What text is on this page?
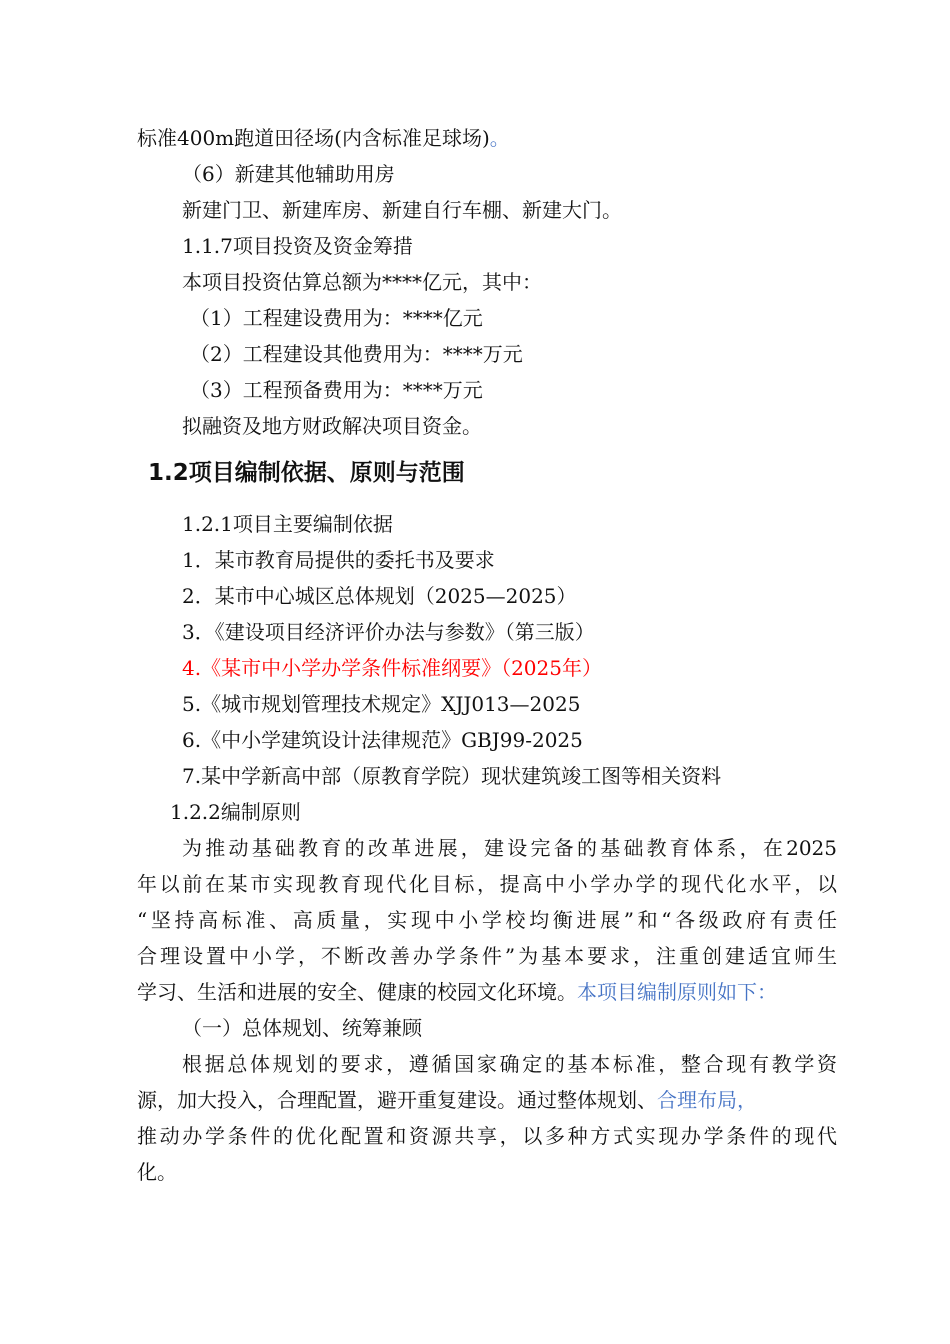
标准400m跑道田径场(内含标准足球场)。
（6）新建其他辅助用房
新建门卫、新建库房、新建自行车棚、新建大门。
1.1.7项目投资及资金筹措
本项目投资估算总额为****亿元，其中：
（1）工程建设费用为：****亿元
（2）工程建设其他费用为：****万元
（3）工程预备费用为：****万元
拟融资及地方财政解决项目资金。
1.2项目编制依据、原则与范围
1.2.1项目主要编制依据
1．某市教育局提供的委托书及要求
2．某市中心城区总体规划（2025—2025）
3．《建设项目经济评价办法与参数》（第三版）
4.《某市中小学办学条件标准纲要》（2025年）
5.《城市规划管理技术规定》XJJ013—2025
6.《中小学建筑设计法律规范》GBJ99-2025
7.某中学新高中部（原教育学院）现状建筑竣工图等相关资料
1.2.2编制原则
为推动基础教育的改革进展，建设完备的基础教育体系，在2025
年以前在某市实现教育现代化目标，提高中小学办学的现代化水平，以
“坚持高标准、高质量，实现中小学校均衡进展”和“各级政府有责任
合理设置中小学，不断改善办学条件”为基本要求，注重创建适宜师生
学习、生活和进展的安全、健康的校园文化环境。本项目编制原则如下：
（一）总体规划、统筹兼顾
根据总体规划的要求，遵循国家确定的基本标准，整合现有教学资
源，加大投入，合理配置，避开重复建设。通过整体规划、合理布局，
推动办学条件的优化配置和资源共享，以多种方式实现办学条件的现代
化。
